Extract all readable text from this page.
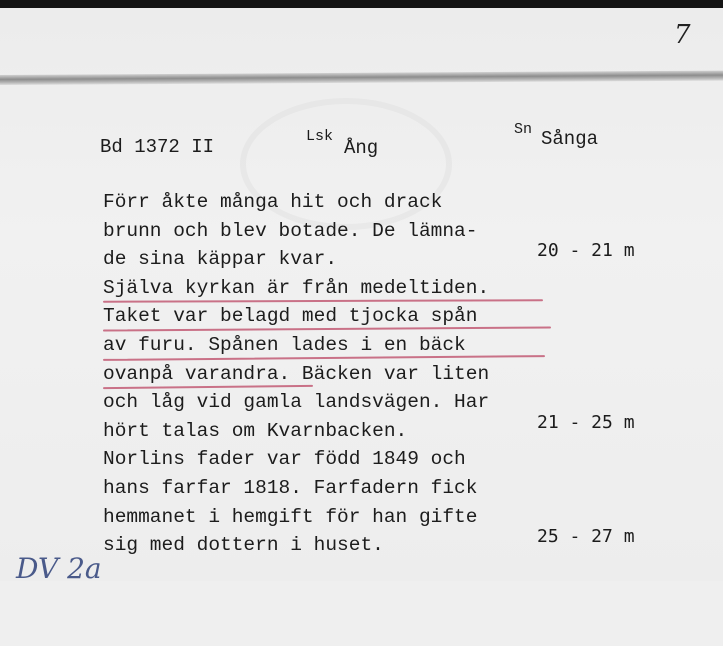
7
Bd 1372 II	Lsk
Ång
Sn Sånga

Förr åkte många hit och drack

brunn och blev botade. De lämna-

de sina käppar kvar.

	20 - 21 m

Själva kyrkan är från medeltiden.

Taket var belagd med tjocka spån

av furu. Spånen lades i en bäck

ovanpå varandra. Bäcken var liten

och låg vid gamla landsvägen. Har

hört talas om Kvarnbacken.

	21 - 25 m

Norlins fader var född 1849 och

hans farfar 1818. Farfadern fick

hemmanet i hemgift för han gifte

sig med dottern i huset.

	25 - 27 m

DV 2a
